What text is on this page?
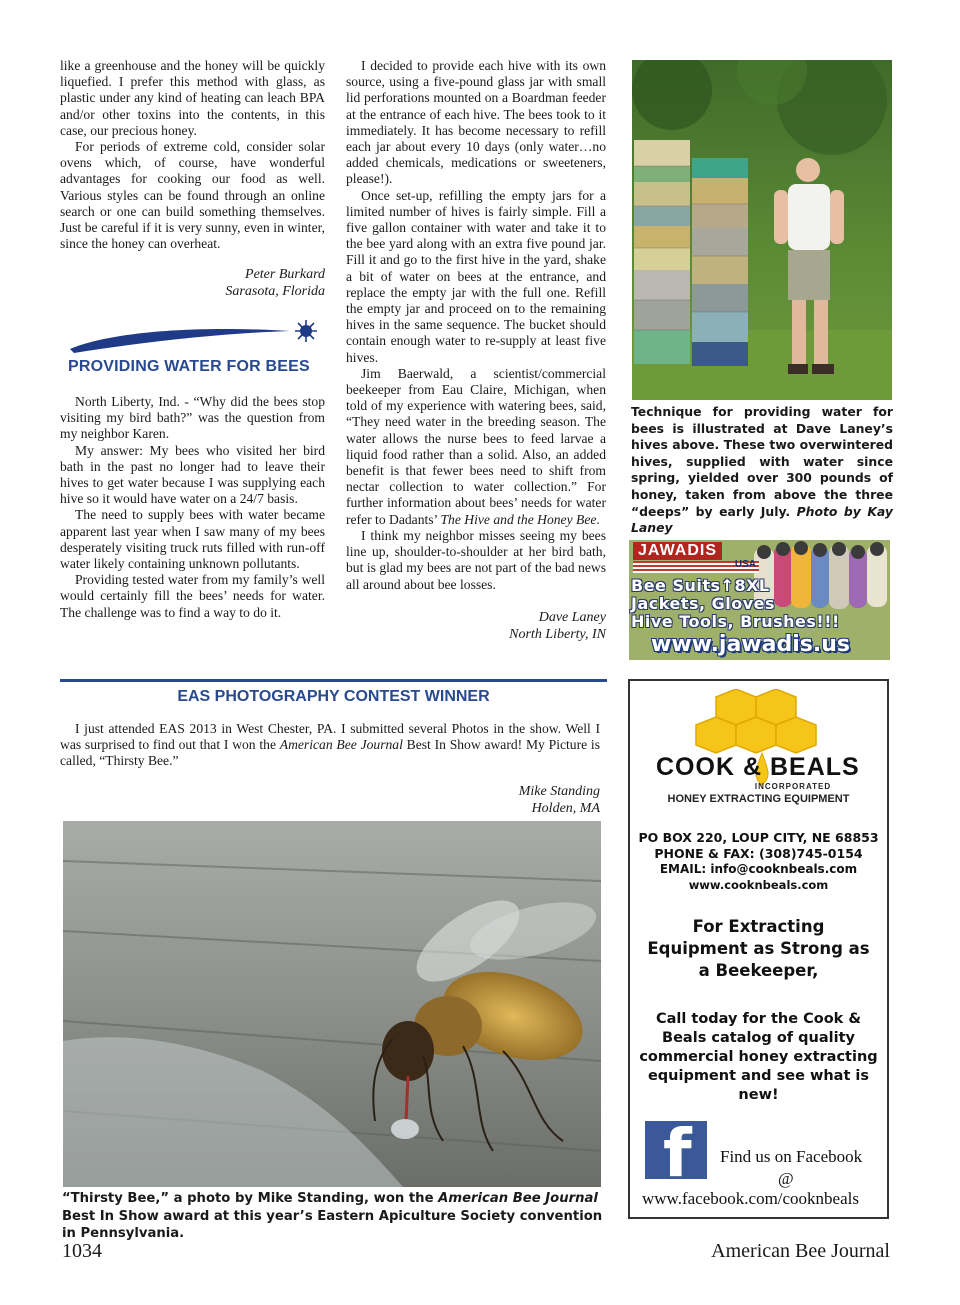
like a greenhouse and the honey will be quickly liquefied. I prefer this method with glass, as plastic under any kind of heating can leach BPA and/or other toxins into the contents, in this case, our precious honey.

For periods of extreme cold, consider solar ovens which, of course, have wonderful advantages for cooking our food as well. Various styles can be found through an online search or one can build something themselves. Just be careful if it is very sunny, even in winter, since the honey can overheat.

Peter Burkard
Sarasota, Florida
PROVIDING WATER FOR BEES

North Liberty, Ind. - “Why did the bees stop visiting my bird bath?” was the question from my neighbor Karen.

My answer: My bees who visited her bird bath in the past no longer had to leave their hives to get water because I was supplying each hive so it would have water on a 24/7 basis.

The need to supply bees with water became apparent last year when I saw many of my bees desperately visiting truck ruts filled with run-off water likely containing unknown pollutants.

Providing tested water from my family’s well would certainly fill the bees’ needs for water. The challenge was to find a way to do it.

I decided to provide each hive with its own source, using a five-pound glass jar with small lid perforations mounted on a Boardman feeder at the entrance of each hive. The bees took to it immediately. It has become necessary to refill each jar about every 10 days (only water…no added chemicals, medications or sweeteners, please!).

Once set-up, refilling the empty jars for a limited number of hives is fairly simple. Fill a five gallon container with water and take it to the bee yard along with an extra five pound jar. Fill it and go to the first hive in the yard, shake a bit of water on bees at the entrance, and replace the empty jar with the full one. Refill the empty jar and proceed on to the remaining hives in the same sequence. The bucket should contain enough water to re-supply at least five hives.

Jim Baerwald, a scientist/commercial beekeeper from Eau Claire, Michigan, when told of my experience with watering bees, said, “They need water in the breeding season. The water allows the nurse bees to feed larvae a liquid food rather than a solid. Also, an added benefit is that fewer bees need to shift from nectar collection to water collection.” For further information about bees’ needs for water refer to Dadants’ The Hive and the Honey Bee.

I think my neighbor misses seeing my bees line up, shoulder-to-shoulder at her bird bath, but is glad my bees are not part of the bad news all around about bee losses.

Dave Laney
North Liberty, IN
Technique for providing water for bees is illustrated at Dave Laney’s hives above. These two overwintered hives, supplied with water since spring, yielded over 300 pounds of honey, taken from above the three “deeps” by early July. Photo by Kay Laney
JAWADIS
USA
Bee Suits↑8XL
Jackets, Gloves
Hive Tools, Brushes!!!
www.jawadis.us
EAS PHOTOGRAPHY CONTEST WINNER

I just attended EAS 2013 in West Chester, PA. I submitted several Photos in the show. Well I was surprised to find out that I won the American Bee Journal Best In Show award! My Picture is called, “Thirsty Bee.”

Mike Standing
Holden, MA
“Thirsty Bee,” a photo by Mike Standing, won the American Bee Journal Best In Show award at this year’s Eastern Apiculture Society convention in Pennsylvania.
COOK & BEALS
INCORPORATED
HONEY EXTRACTING EQUIPMENT
PO BOX 220, LOUP CITY, NE 68853
PHONE & FAX: (308)745-0154
EMAIL: info@cooknbeals.com
www.cooknbeals.com
For Extracting
Equipment as Strong as
a Beekeeper,
Call today for the Cook &
Beals catalog of quality
commercial honey extracting
equipment and see what is
new!
f Find us on Facebook
@
www.facebook.com/cooknbeals
1034	American Bee Journal
